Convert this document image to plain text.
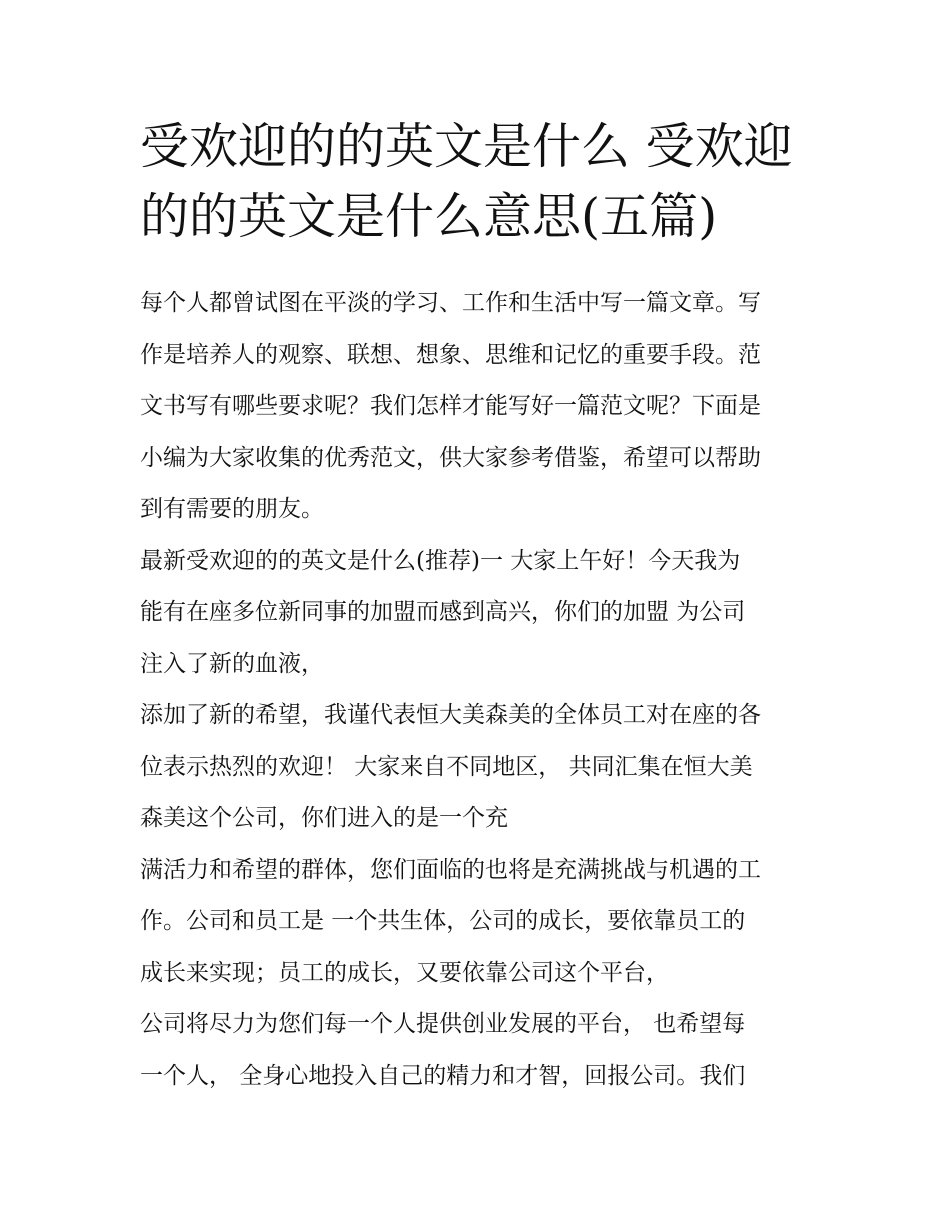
受欢迎的的英文是什么 受欢迎
的的英文是什么意思(五篇)
每个人都曾试图在平淡的学习、工作和生活中写一篇文章。写
作是培养人的观察、联想、想象、思维和记忆的重要手段。范
文书写有哪些要求呢？我们怎样才能写好一篇范文呢？下面是
小编为大家收集的优秀范文，供大家参考借鉴，希望可以帮助
到有需要的朋友。
最新受欢迎的的英文是什么(推荐)一 大家上午好！今天我为
能有在座多位新同事的加盟而感到高兴，你们的加盟 为公司
注入了新的血液，
添加了新的希望，我谨代表恒大美森美的全体员工对在座的各
位表示热烈的欢迎！ 大家来自不同地区， 共同汇集在恒大美
森美这个公司，你们进入的是一个充
满活力和希望的群体，您们面临的也将是充满挑战与机遇的工
作。公司和员工是 一个共生体，公司的成长，要依靠员工的
成长来实现；员工的成长，又要依靠公司这个平台，
公司将尽力为您们每一个人提供创业发展的平台， 也希望每
一个人， 全身心地投入自己的精力和才智，回报公司。我们
